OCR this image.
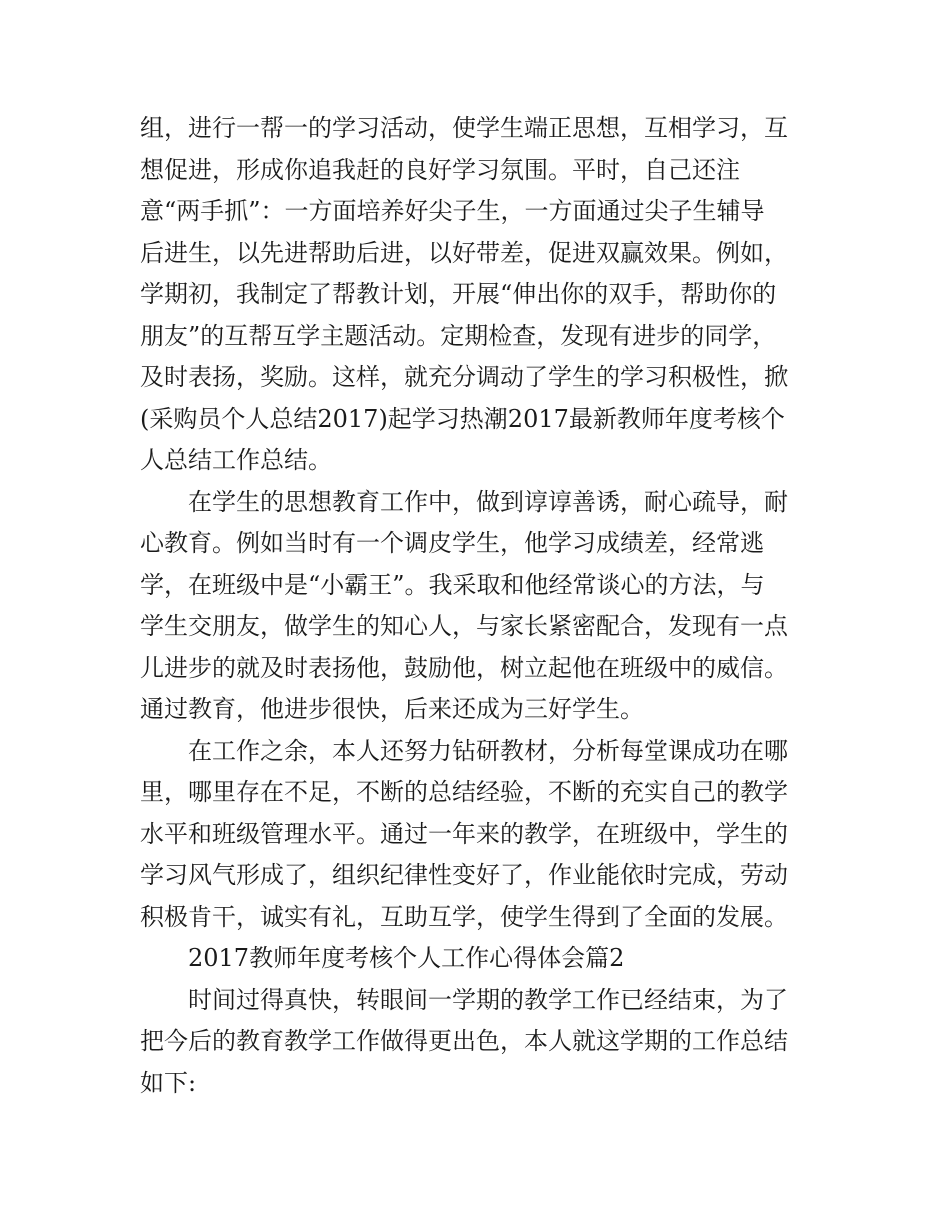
组，进行一帮一的学习活动，使学生端正思想，互相学习，互
想促进，形成你追我赶的良好学习氛围。平时，自己还注
意“两手抓”：一方面培养好尖子生，一方面通过尖子生辅导
后进生，以先进帮助后进，以好带差，促进双赢效果。例如，
学期初，我制定了帮教计划，开展“伸出你的双手，帮助你的
朋友”的互帮互学主题活动。定期检查，发现有进步的同学，
及时表扬，奖励。这样，就充分调动了学生的学习积极性，掀
(采购员个人总结2017)起学习热潮2017最新教师年度考核个
人总结工作总结。
在学生的思想教育工作中，做到谆谆善诱，耐心疏导，耐
心教育。例如当时有一个调皮学生，他学习成绩差，经常逃
学，在班级中是“小霸王”。我采取和他经常谈心的方法，与
学生交朋友，做学生的知心人，与家长紧密配合，发现有一点
儿进步的就及时表扬他，鼓励他，树立起他在班级中的威信。
通过教育，他进步很快，后来还成为三好学生。
在工作之余，本人还努力钻研教材，分析每堂课成功在哪
里，哪里存在不足，不断的总结经验，不断的充实自己的教学
水平和班级管理水平。通过一年来的教学，在班级中，学生的
学习风气形成了，组织纪律性变好了，作业能依时完成，劳动
积极肯干，诚实有礼，互助互学，使学生得到了全面的发展。
2017教师年度考核个人工作心得体会篇2
时间过得真快，转眼间一学期的教学工作已经结束，为了
把今后的教育教学工作做得更出色，本人就这学期的工作总结
如下:
